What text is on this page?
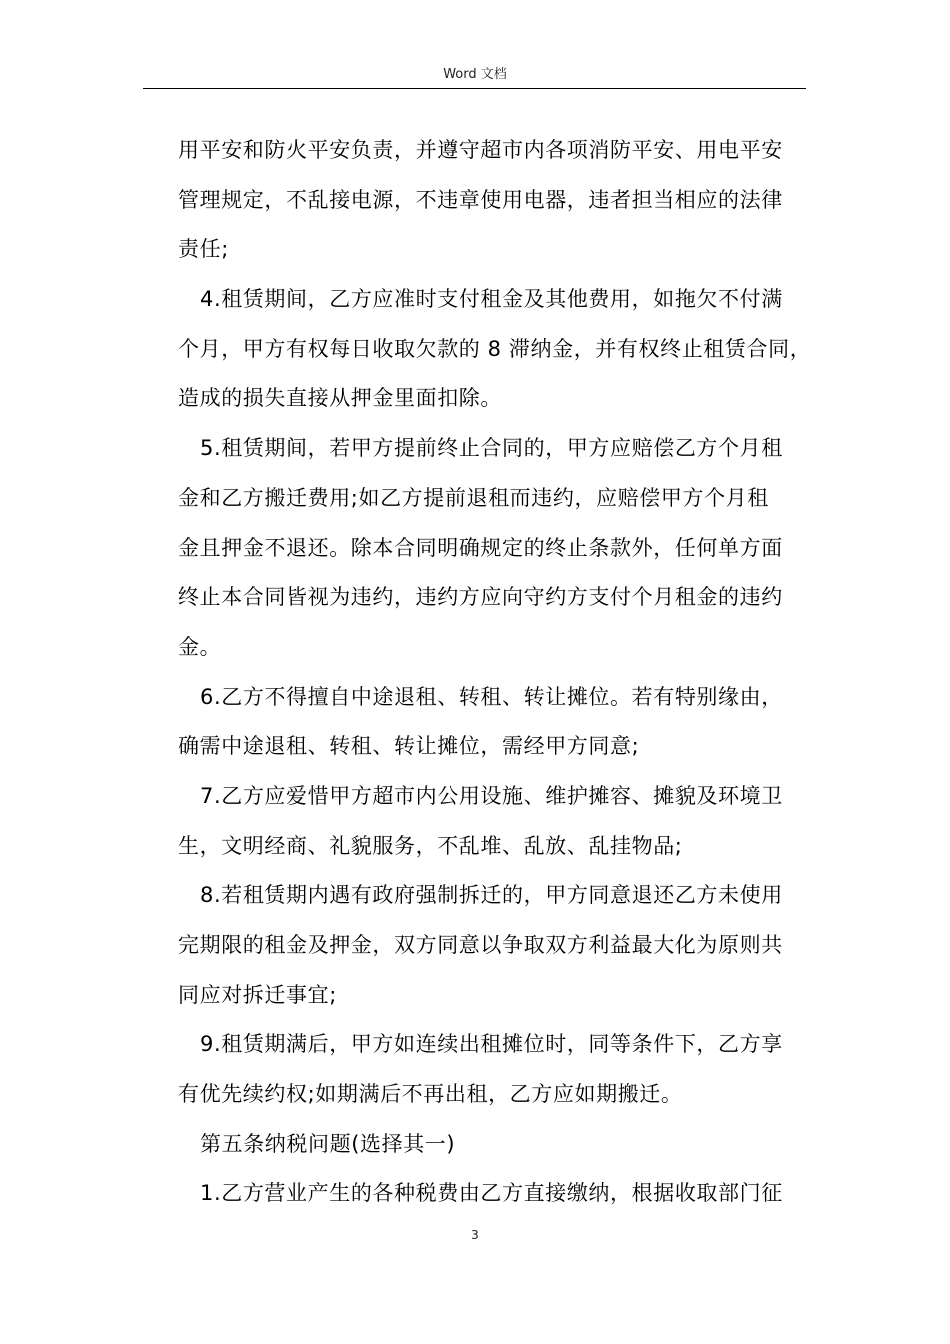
Word 文档
用平安和防火平安负责，并遵守超市内各项消防平安、用电平安
管理规定，不乱接电源，不违章使用电器，违者担当相应的法律
责任;
4.租赁期间，乙方应准时支付租金及其他费用，如拖欠不付满
个月，甲方有权每日收取欠款的 8 滞纳金，并有权终止租赁合同，
造成的损失直接从押金里面扣除。
5.租赁期间，若甲方提前终止合同的，甲方应赔偿乙方个月租
金和乙方搬迁费用;如乙方提前退租而违约，应赔偿甲方个月租
金且押金不退还。除本合同明确规定的终止条款外，任何单方面
终止本合同皆视为违约，违约方应向守约方支付个月租金的违约
金。
6.乙方不得擅自中途退租、转租、转让摊位。若有特别缘由，
确需中途退租、转租、转让摊位，需经甲方同意;
7.乙方应爱惜甲方超市内公用设施、维护摊容、摊貌及环境卫
生，文明经商、礼貌服务，不乱堆、乱放、乱挂物品;
8.若租赁期内遇有政府强制拆迁的，甲方同意退还乙方未使用
完期限的租金及押金，双方同意以争取双方利益最大化为原则共
同应对拆迁事宜;
9.租赁期满后，甲方如连续出租摊位时，同等条件下，乙方享
有优先续约权;如期满后不再出租，乙方应如期搬迁。
第五条纳税问题(选择其一)
1.乙方营业产生的各种税费由乙方直接缴纳，根据收取部门征
3
